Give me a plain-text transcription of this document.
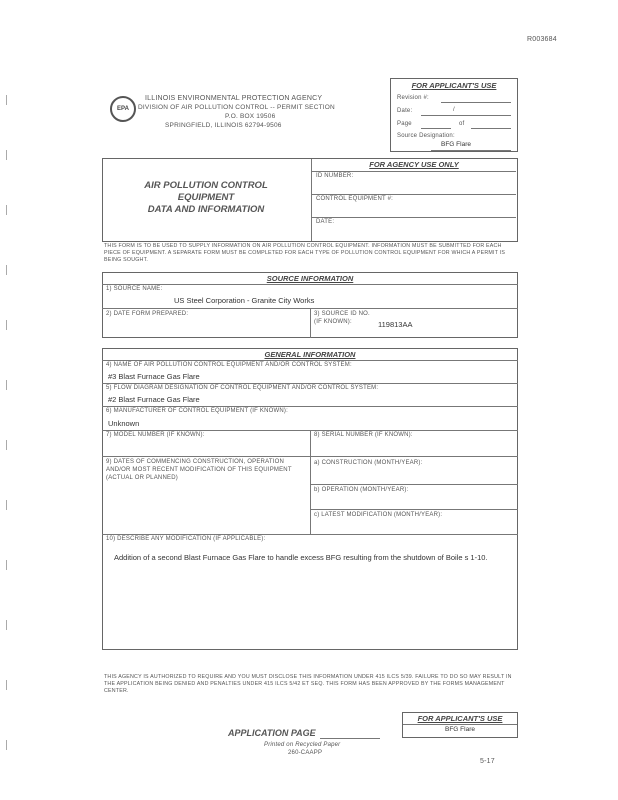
R003684
EPA
ILLINOIS ENVIRONMENTAL PROTECTION AGENCY
DIVISION OF AIR POLLUTION CONTROL -- PERMIT SECTION
P.O. BOX 19506
SPRINGFIELD, ILLINOIS 62794-9506
FOR APPLICANT'S USE
Revision #:
Date:	/
Page	of
Source Designation:
BFG Flare
AIR POLLUTION CONTROL
EQUIPMENT
DATA AND INFORMATION
FOR AGENCY USE ONLY
ID NUMBER:
CONTROL EQUIPMENT #:
DATE:
THIS FORM IS TO BE USED TO SUPPLY INFORMATION ON AIR POLLUTION CONTROL EQUIPMENT. INFORMATION MUST BE SUBMITTED FOR EACH PIECE OF EQUIPMENT. A SEPARATE FORM MUST BE COMPLETED FOR EACH TYPE OF POLLUTION CONTROL EQUIPMENT FOR WHICH A PERMIT IS BEING SOUGHT.
SOURCE INFORMATION
1) SOURCE NAME:
US Steel Corporation - Granite City Works
2) DATE FORM PREPARED:	3) SOURCE ID NO. (IF KNOWN):	119813AA
GENERAL INFORMATION
4) NAME OF AIR POLLUTION CONTROL EQUIPMENT AND/OR CONTROL SYSTEM:
#3 Blast Furnace Gas Flare
5) FLOW DIAGRAM DESIGNATION OF CONTROL EQUIPMENT AND/OR CONTROL SYSTEM:
#2 Blast Furnace Gas Flare
6) MANUFACTURER OF CONTROL EQUIPMENT (IF KNOWN):
Unknown
7) MODEL NUMBER (IF KNOWN):	8) SERIAL NUMBER (IF KNOWN):
9) DATES OF COMMENCING CONSTRUCTION, OPERATION AND/OR MOST RECENT MODIFICATION OF THIS EQUIPMENT (ACTUAL OR PLANNED)
a) CONSTRUCTION (MONTH/YEAR):
b) OPERATION (MONTH/YEAR):
c) LATEST MODIFICATION (MONTH/YEAR):
10) DESCRIBE ANY MODIFICATION (IF APPLICABLE):
Addition of a second Blast Furnace Gas Flare to handle excess BFG resulting from the shutdown of Boile s 1-10.
THIS AGENCY IS AUTHORIZED TO REQUIRE AND YOU MUST DISCLOSE THIS INFORMATION UNDER 415 ILCS 5/39. FAILURE TO DO SO MAY RESULT IN THE APPLICATION BEING DENIED AND PENALTIES UNDER 415 ILCS 5/42 ET SEQ. THIS FORM HAS BEEN APPROVED BY THE FORMS MANAGEMENT CENTER.
FOR APPLICANT'S USE
BFG Flare
APPLICATION PAGE
Printed on Recycled Paper
260-CAAPP
5-17
